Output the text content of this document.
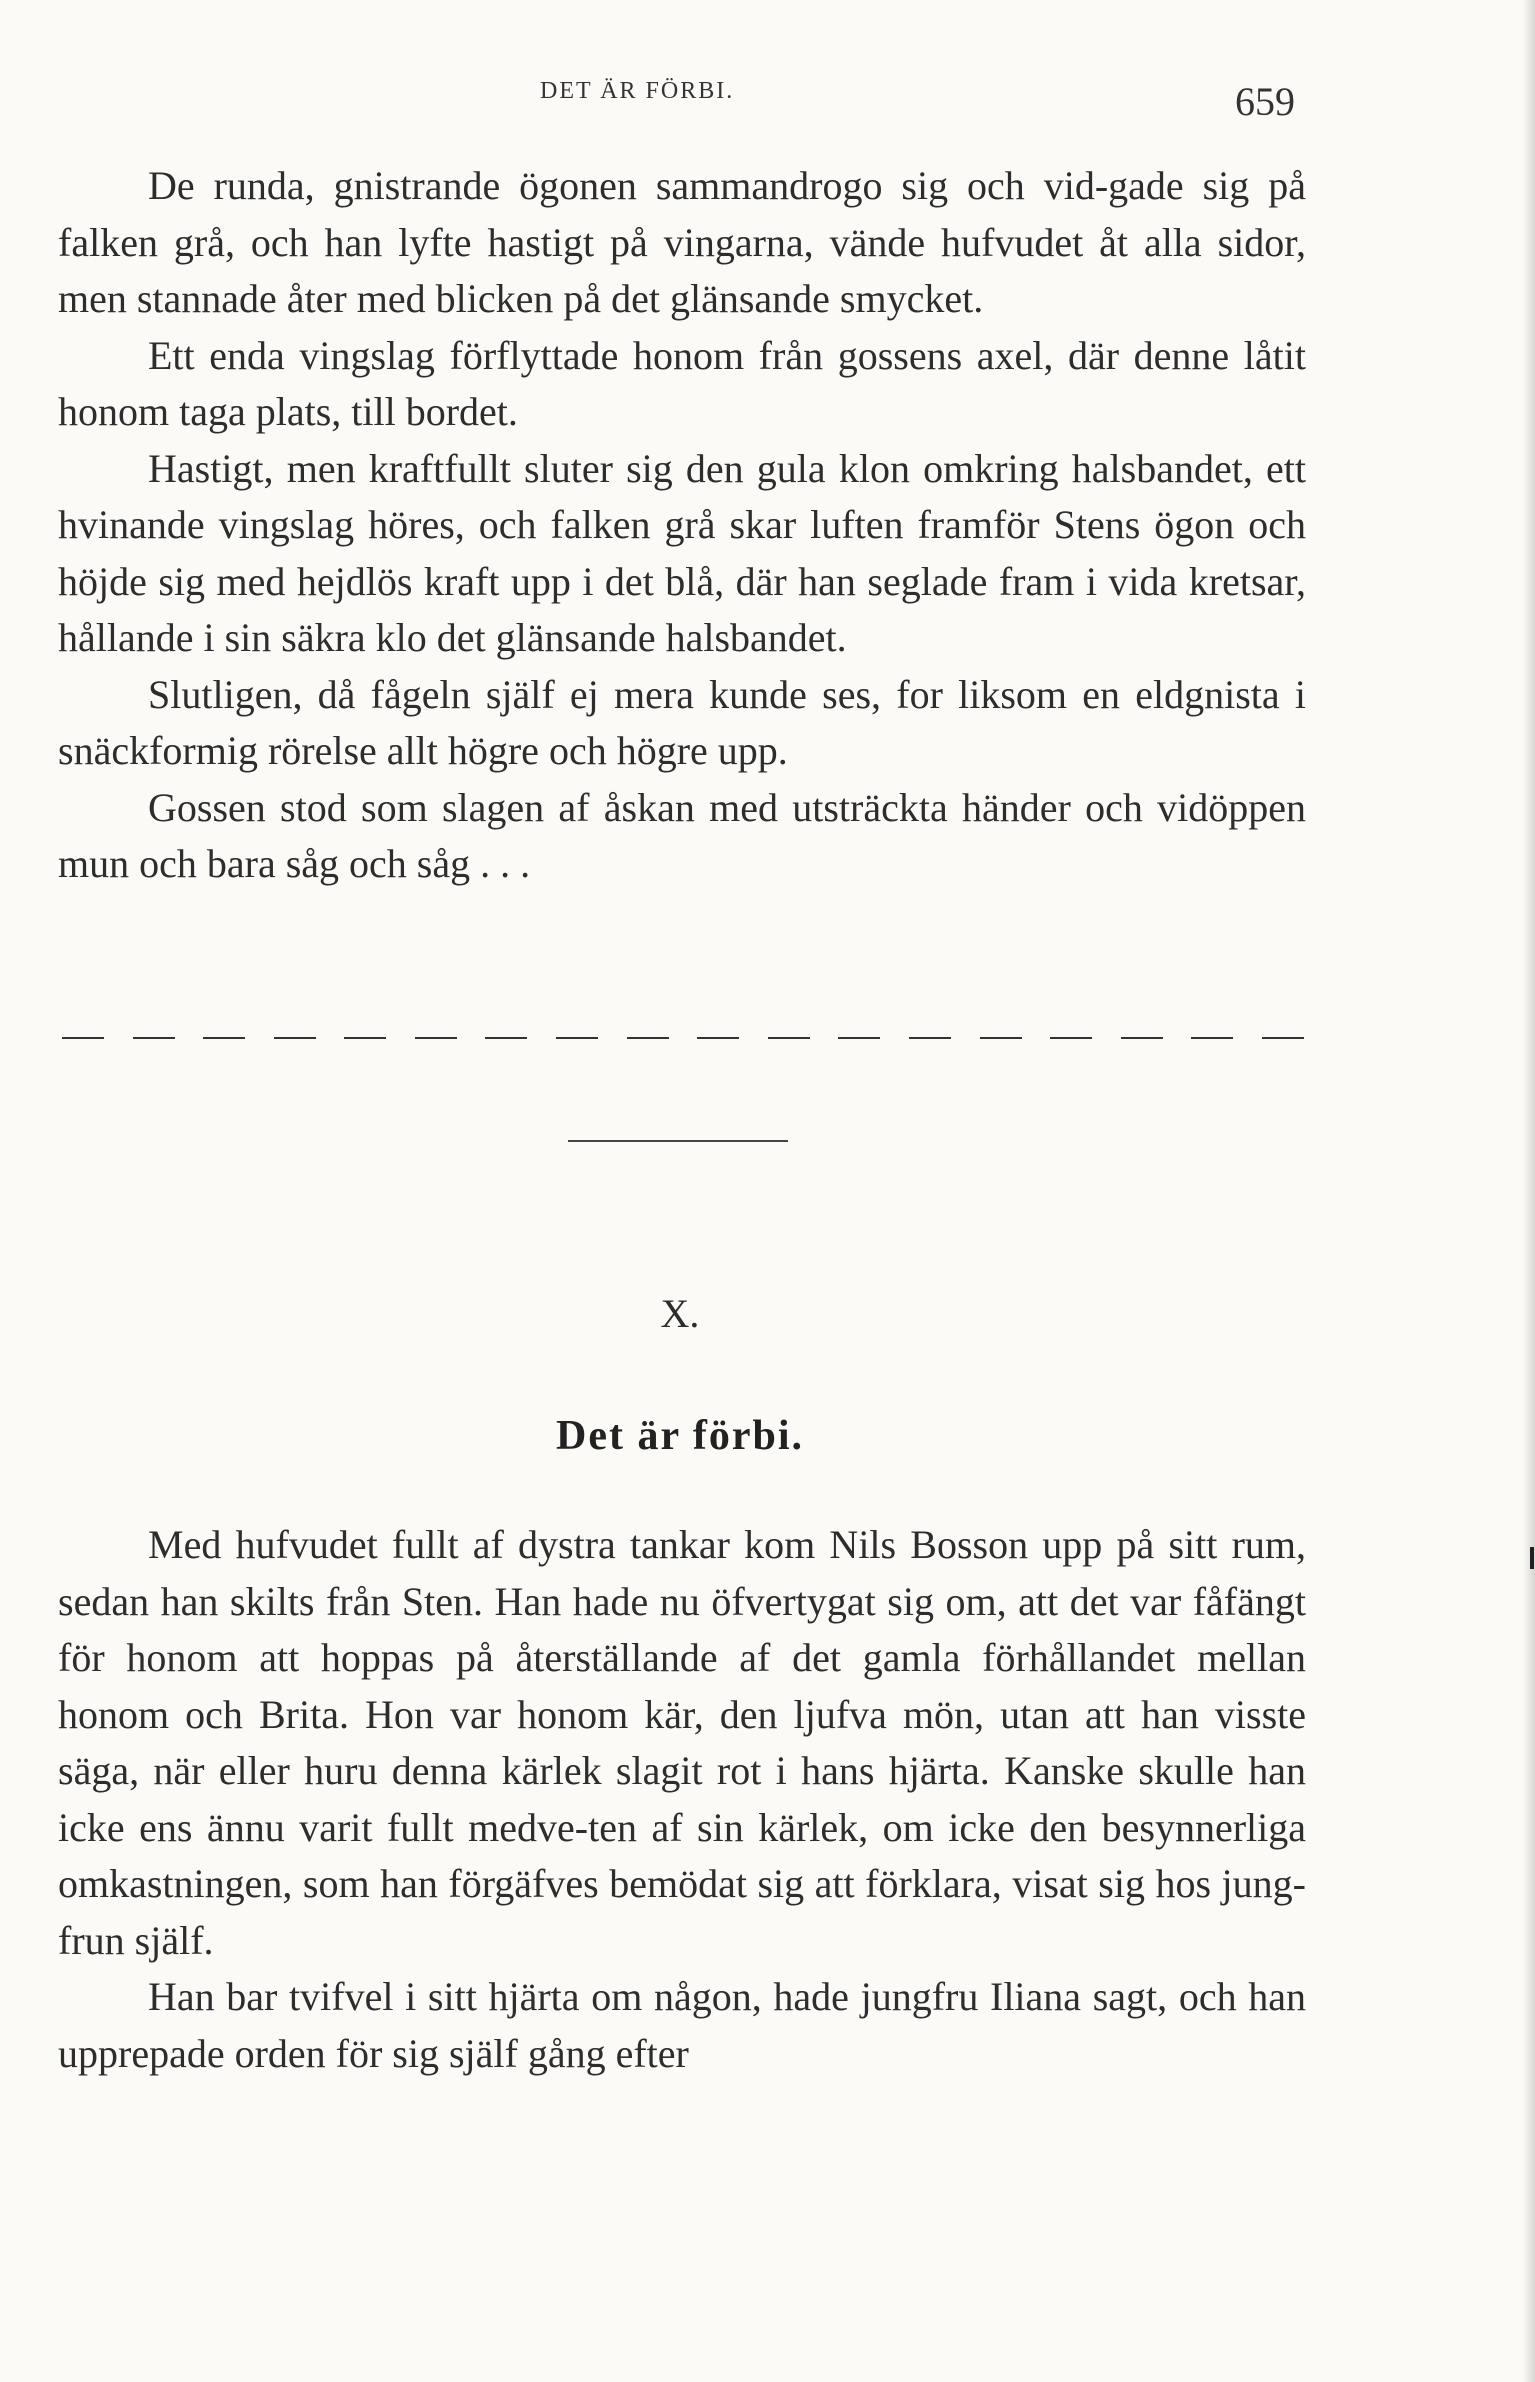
DET ÄR FÖRBI.	659

De runda, gnistrande ögonen sammandrogo sig och vid-gade sig på falken grå, och han lyfte hastigt på vingarna, vände hufvudet åt alla sidor, men stannade åter med blicken på det glänsande smycket.

Ett enda vingslag förflyttade honom från gossens axel, där denne låtit honom taga plats, till bordet.

Hastigt, men kraftfullt sluter sig den gula klon omkring halsbandet, ett hvinande vingslag höres, och falken grå skar luften framför Stens ögon och höjde sig med hejdlös kraft upp i det blå, där han seglade fram i vida kretsar, hållande i sin säkra klo det glänsande halsbandet.

Slutligen, då fågeln själf ej mera kunde ses, for liksom en eldgnista i snäckformig rörelse allt högre och högre upp.

Gossen stod som slagen af åskan med utsträckta händer och vidöppen mun och bara såg och såg . . .

X.
Det är förbi.

Med hufvudet fullt af dystra tankar kom Nils Bosson upp på sitt rum, sedan han skilts från Sten. Han hade nu öfvertygat sig om, att det var fåfängt för honom att hoppas på återställande af det gamla förhållandet mellan honom och Brita. Hon var honom kär, den ljufva mön, utan att han visste säga, när eller huru denna kärlek slagit rot i hans hjärta. Kanske skulle han icke ens ännu varit fullt medve-ten af sin kärlek, om icke den besynnerliga omkastningen, som han förgäfves bemödat sig att förklara, visat sig hos jung-frun själf.

Han bar tvifvel i sitt hjärta om någon, hade jungfru Iliana sagt, och han upprepade orden för sig själf gång efter
